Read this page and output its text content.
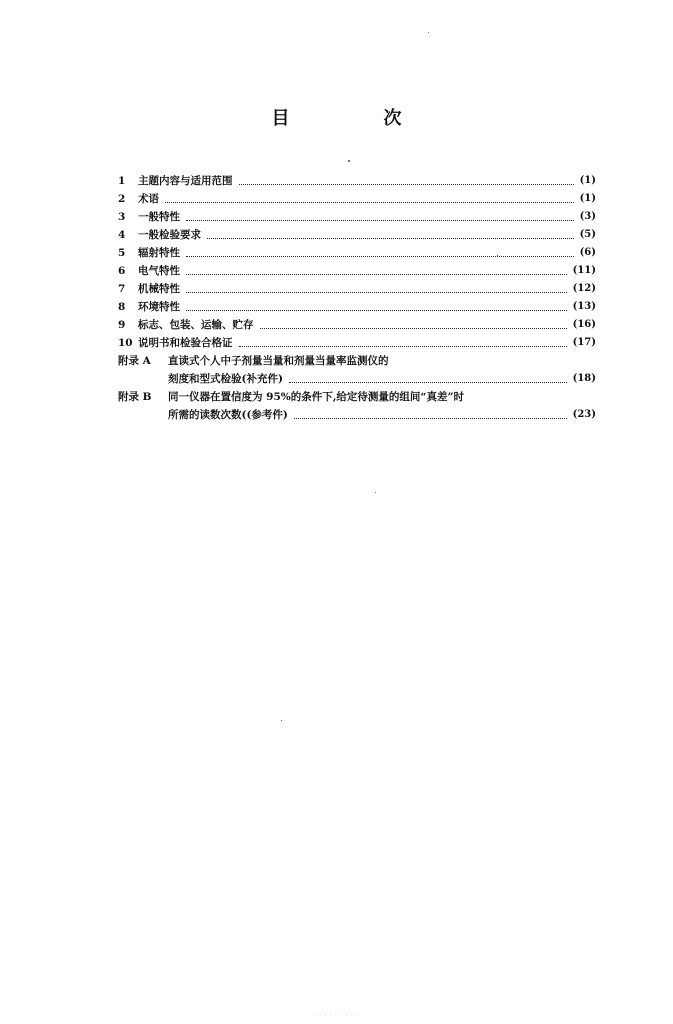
目　次
1	主题内容与适用范围	(1)
2	术语	(1)
3	一般特性	(3)
4	一般检验要求	(5)
5	辐射特性	(6)
6	电气特性	(11)
7	机械特性	(12)
8	环境特性	(13)
9	标志、包装、运输、贮存	(16)
10 说明书和检验合格证	(17)
附录 A	直读式个人中子剂量当量和剂量当量率监测仪的
刻度和型式检验(补充件)	(18)
附录 B	同一仪器在置信度为 95%的条件下,给定待测量的组间“真差”时
所需的读数次数((参考件)	(23)
· · · · · · · · ·
